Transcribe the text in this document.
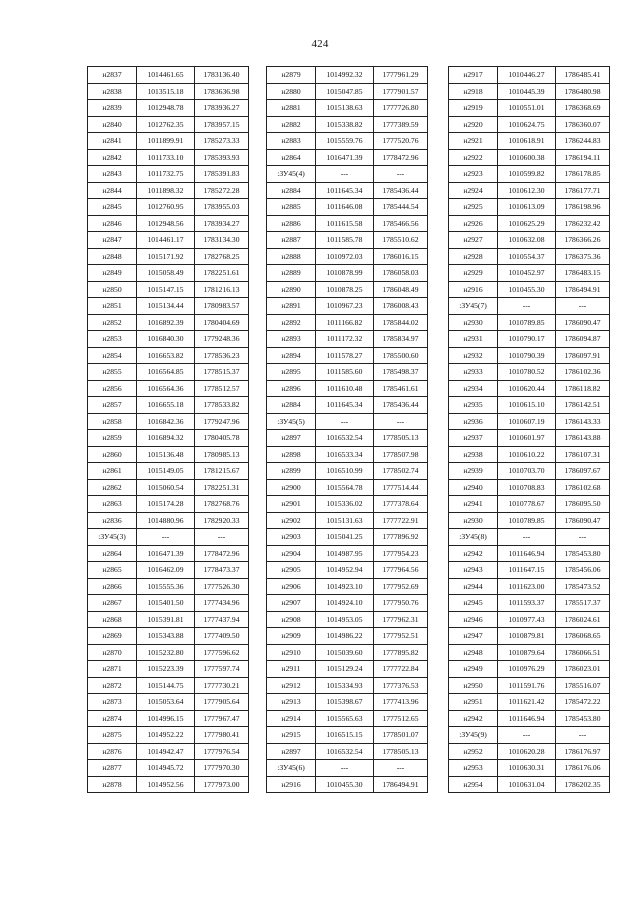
424
н2837	1014461.65	1783136.40
н2838	1013515.18	1783636.98
н2839	1012948.78	1783936.27
н2840	1012762.35	1783957.15
н2841	1011899.91	1785273.33
н2842	1011733.10	1785393.93
н2843	1011732.75	1785391.83
н2844	1011898.32	1785272.28
н2845	1012760.95	1783955.03
н2846	1012948.56	1783934.27
н2847	1014461.17	1783134.30
н2848	1015171.92	1782768.25
н2849	1015058.49	1782251.61
н2850	1015147.15	1781216.13
н2851	1015134.44	1780983.57
н2852	1016892.39	1780404.69
н2853	1016840.30	1779248.36
н2854	1016653.82	1778536.23
н2855	1016564.85	1778515.37
н2856	1016564.36	1778512.57
н2857	1016655.18	1778533.82
н2858	1016842.36	1779247.96
н2859	1016894.32	1780405.78
н2860	1015136.48	1780985.13
н2861	1015149.05	1781215.67
н2862	1015060.54	1782251.31
н2863	1015174.28	1782768.76
н2836	1014880.96	1782920.33
:ЗУ45(3)	---	---
н2864	1016471.39	1778472.96
н2865	1016462.09	1778473.37
н2866	1015555.36	1777526.30
н2867	1015401.50	1777434.96
н2868	1015391.81	1777437.94
н2869	1015343.88	1777409.50
н2870	1015232.80	1777596.62
н2871	1015223.39	1777597.74
н2872	1015144.75	1777730.21
н2873	1015053.64	1777905.64
н2874	1014996.15	1777967.47
н2875	1014952.22	1777980.41
н2876	1014942.47	1777976.54
н2877	1014945.72	1777970.30
н2878	1014952.56	1777973.00
н2879	1014992.32	1777961.29
н2880	1015047.85	1777901.57
н2881	1015138.63	1777726.80
н2882	1015338.82	1777389.59
н2883	1015559.76	1777520.76
н2864	1016471.39	1778472.96
:ЗУ45(4)	---	---
н2884	1011645.34	1785436.44
н2885	1011646.08	1785444.54
н2886	1011615.58	1785466.56
н2887	1011585.78	1785510.62
н2888	1010972.03	1786016.15
н2889	1010878.99	1786058.03
н2890	1010878.25	1786048.49
н2891	1010967.23	1786008.43
н2892	1011166.82	1785844.02
н2893	1011172.32	1785834.97
н2894	1011578.27	1785500.60
н2895	1011585.60	1785498.37
н2896	1011610.48	1785461.61
н2884	1011645.34	1785436.44
:ЗУ45(5)	---	---
н2897	1016532.54	1778505.13
н2898	1016533.34	1778507.98
н2899	1016510.99	1778502.74
н2900	1015564.78	1777514.44
н2901	1015336.02	1777378.64
н2902	1015131.63	1777722.91
н2903	1015041.25	1777896.92
н2904	1014987.95	1777954.23
н2905	1014952.94	1777964.56
н2906	1014923.10	1777952.69
н2907	1014924.10	1777950.76
н2908	1014953.05	1777962.31
н2909	1014986.22	1777952.51
н2910	1015039.60	1777895.82
н2911	1015129.24	1777722.84
н2912	1015334.93	1777376.53
н2913	1015398.67	1777413.96
н2914	1015565.63	1777512.65
н2915	1016515.15	1778501.07
н2897	1016532.54	1778505.13
:ЗУ45(6)	---	---
н2916	1010455.30	1786494.91
н2917	1010446.27	1786485.41
н2918	1010445.39	1786480.98
н2919	1010551.01	1786368.69
н2920	1010624.75	1786360.07
н2921	1010618.91	1786244.83
н2922	1010600.38	1786194.11
н2923	1010599.82	1786178.85
н2924	1010612.30	1786177.71
н2925	1010613.09	1786198.96
н2926	1010625.29	1786232.42
н2927	1010632.08	1786366.26
н2928	1010554.37	1786375.36
н2929	1010452.97	1786483.15
н2916	1010455.30	1786494.91
:ЗУ45(7)	---	---
н2930	1010789.85	1786090.47
н2931	1010790.17	1786094.87
н2932	1010790.39	1786097.91
н2933	1010780.52	1786102.36
н2934	1010620.44	1786118.82
н2935	1010615.10	1786142.51
н2936	1010607.19	1786143.33
н2937	1010601.97	1786143.88
н2938	1010610.22	1786107.31
н2939	1010703.70	1786097.67
н2940	1010708.83	1786102.68
н2941	1010778.67	1786095.50
н2930	1010789.85	1786090.47
:ЗУ45(8)	---	---
н2942	1011646.94	1785453.80
н2943	1011647.15	1785456.06
н2944	1011623.00	1785473.52
н2945	1011593.37	1785517.37
н2946	1010977.43	1786024.61
н2947	1010879.81	1786068.65
н2948	1010879.64	1786066.51
н2949	1010976.29	1786023.01
н2950	1011591.76	1785516.07
н2951	1011621.42	1785472.22
н2942	1011646.94	1785453.80
:ЗУ45(9)	---	---
н2952	1010620.28	1786176.97
н2953	1010630.31	1786176.06
н2954	1010631.04	1786202.35
